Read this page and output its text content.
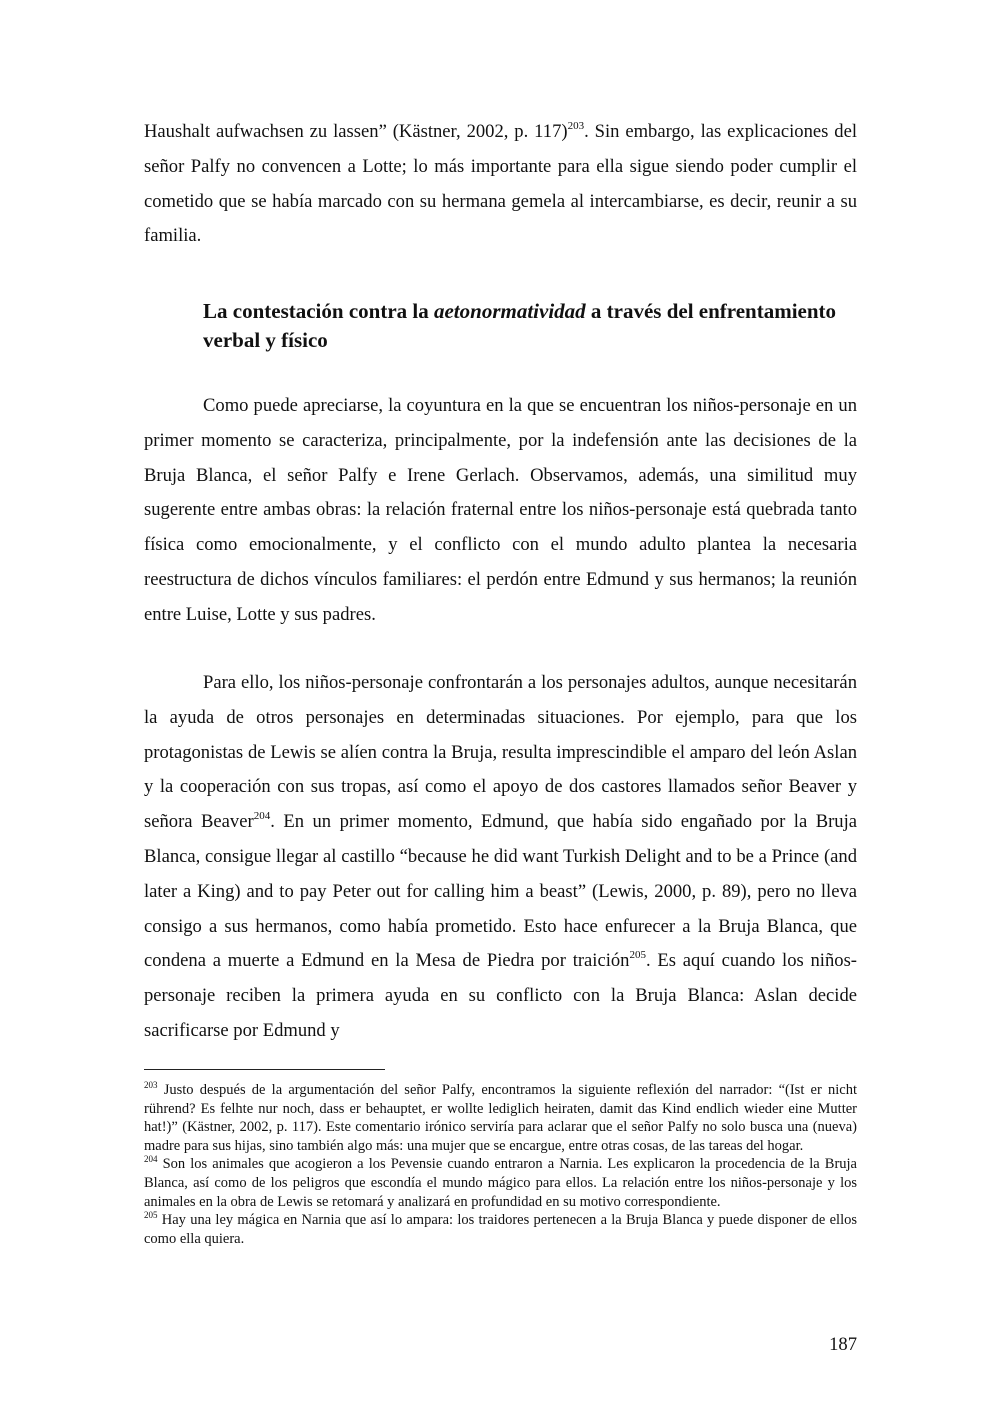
Haushalt aufwachsen zu lassen” (Kästner, 2002, p. 117)$^{203}$. Sin embargo, las explicaciones del señor Palfy no convencen a Lotte; lo más importante para ella sigue siendo poder cumplir el cometido que se había marcado con su hermana gemela al intercambiarse, es decir, reunir a su familia.

La contestación contra la aetonormatividad a través del enfrentamiento verbal y físico

Como puede apreciarse, la coyuntura en la que se encuentran los niños-personaje en un primer momento se caracteriza, principalmente, por la indefensión ante las decisiones de la Bruja Blanca, el señor Palfy e Irene Gerlach. Observamos, además, una similitud muy sugerente entre ambas obras: la relación fraternal entre los niños-personaje está quebrada tanto física como emocionalmente, y el conflicto con el mundo adulto plantea la necesaria reestructura de dichos vínculos familiares: el perdón entre Edmund y sus hermanos; la reunión entre Luise, Lotte y sus padres.

Para ello, los niños-personaje confrontarán a los personajes adultos, aunque necesitarán la ayuda de otros personajes en determinadas situaciones. Por ejemplo, para que los protagonistas de Lewis se alíen contra la Bruja, resulta imprescindible el amparo del león Aslan y la cooperación con sus tropas, así como el apoyo de dos castores llamados señor Beaver y señora Beaver$^{204}$. En un primer momento, Edmund, que había sido engañado por la Bruja Blanca, consigue llegar al castillo “because he did want Turkish Delight and to be a Prince (and later a King) and to pay Peter out for calling him a beast” (Lewis, 2000, p. 89), pero no lleva consigo a sus hermanos, como había prometido. Esto hace enfurecer a la Bruja Blanca, que condena a muerte a Edmund en la Mesa de Piedra por traición$^{205}$. Es aquí cuando los niños-personaje reciben la primera ayuda en su conflicto con la Bruja Blanca: Aslan decide sacrificarse por Edmund y

$^{203}$ Justo después de la argumentación del señor Palfy, encontramos la siguiente reflexión del narrador: “(Ist er nicht rührend? Es felhte nur noch, dass er behauptet, er wollte lediglich heiraten, damit das Kind endlich wieder eine Mutter hat!)” (Kästner, 2002, p. 117). Este comentario irónico serviría para aclarar que el señor Palfy no solo busca una (nueva) madre para sus hijas, sino también algo más: una mujer que se encargue, entre otras cosas, de las tareas del hogar.

$^{204}$ Son los animales que acogieron a los Pevensie cuando entraron a Narnia. Les explicaron la procedencia de la Bruja Blanca, así como de los peligros que escondía el mundo mágico para ellos. La relación entre los niños-personaje y los animales en la obra de Lewis se retomará y analizará en profundidad en su motivo correspondiente.

$^{205}$ Hay una ley mágica en Narnia que así lo ampara: los traidores pertenecen a la Bruja Blanca y puede disponer de ellos como ella quiera.

187
